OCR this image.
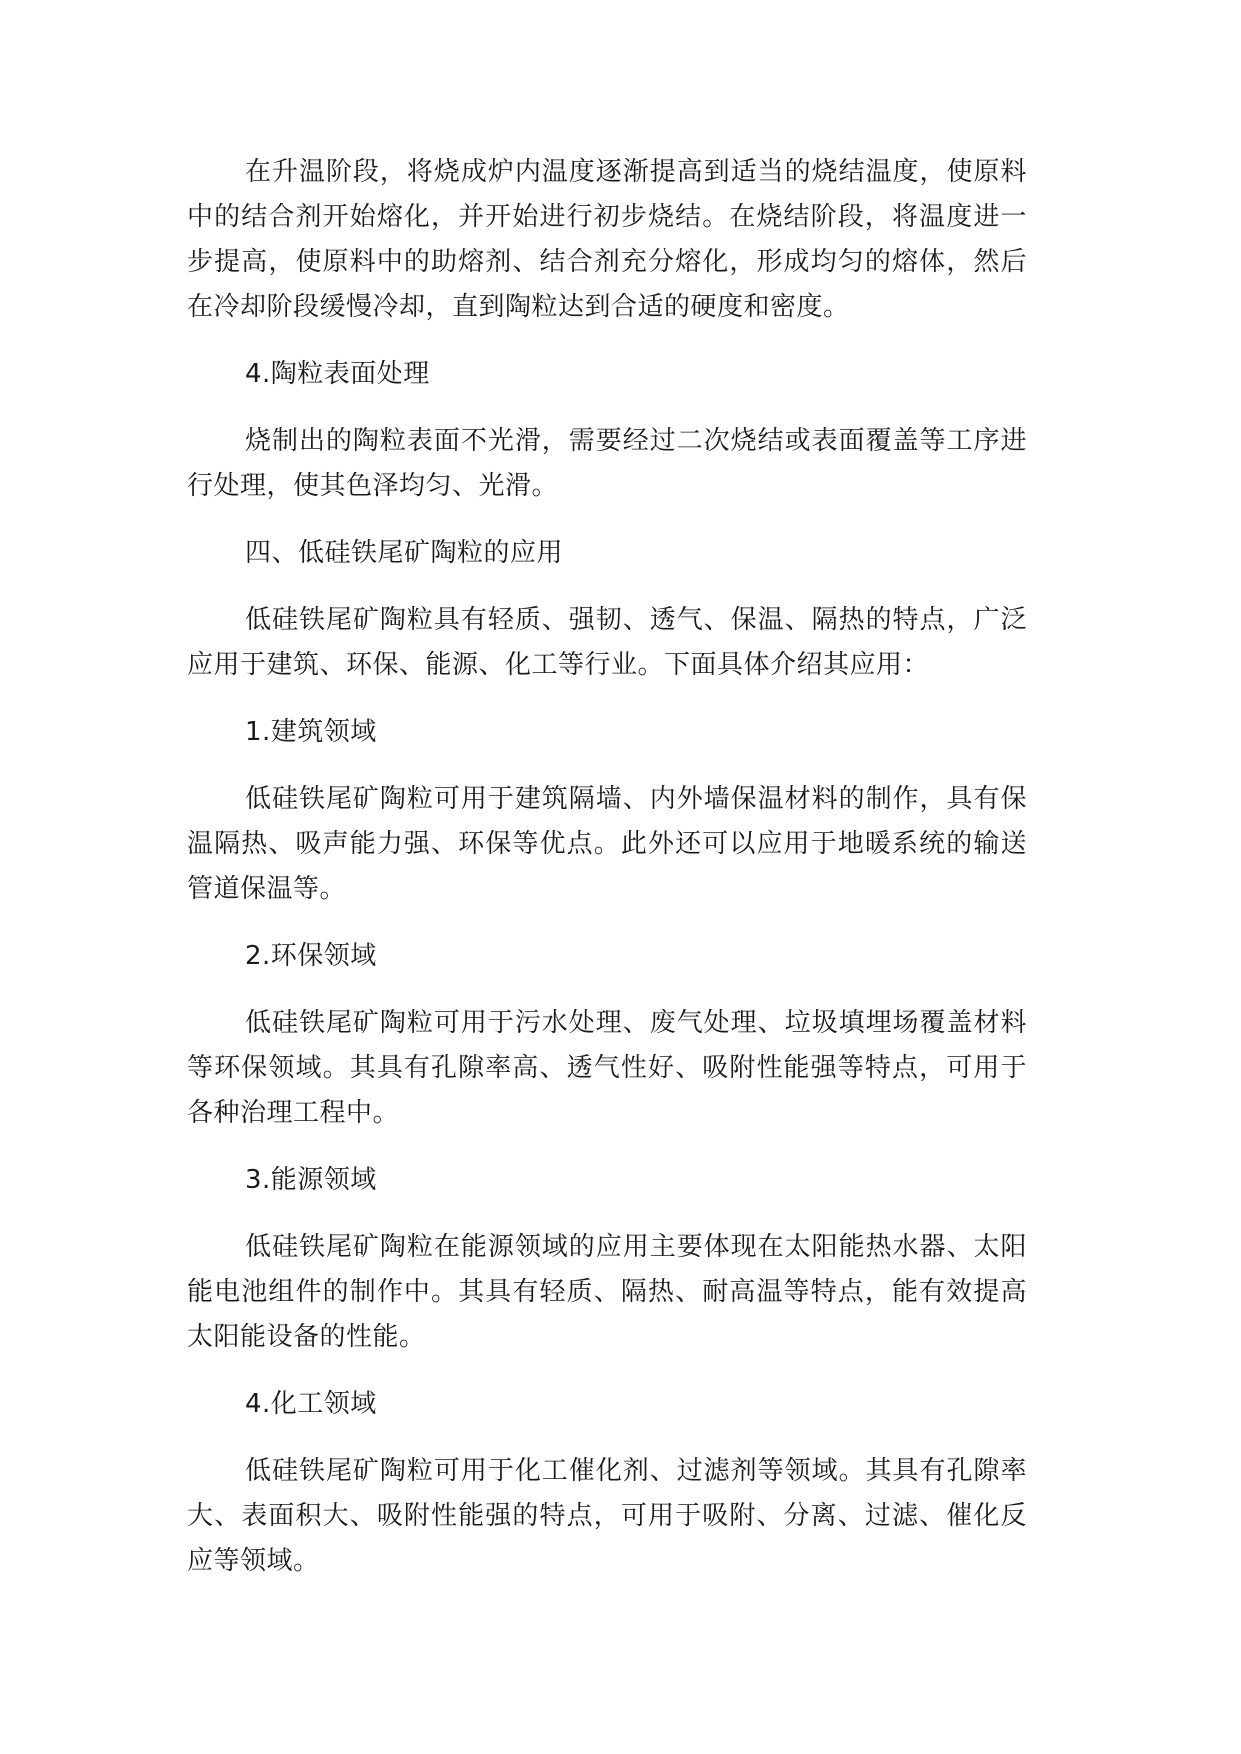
在升温阶段，将烧成炉内温度逐渐提高到适当的烧结温度，使原料中的结合剂开始熔化，并开始进行初步烧结。在烧结阶段，将温度进一步提高，使原料中的助熔剂、结合剂充分熔化，形成均匀的熔体，然后在冷却阶段缓慢冷却，直到陶粒达到合适的硬度和密度。

4.陶粒表面处理

烧制出的陶粒表面不光滑，需要经过二次烧结或表面覆盖等工序进行处理，使其色泽均匀、光滑。

四、低硅铁尾矿陶粒的应用

低硅铁尾矿陶粒具有轻质、强韧、透气、保温、隔热的特点，广泛应用于建筑、环保、能源、化工等行业。下面具体介绍其应用：

1.建筑领域

低硅铁尾矿陶粒可用于建筑隔墙、内外墙保温材料的制作，具有保温隔热、吸声能力强、环保等优点。此外还可以应用于地暖系统的输送管道保温等。

2.环保领域

低硅铁尾矿陶粒可用于污水处理、废气处理、垃圾填埋场覆盖材料等环保领域。其具有孔隙率高、透气性好、吸附性能强等特点，可用于各种治理工程中。

3.能源领域

低硅铁尾矿陶粒在能源领域的应用主要体现在太阳能热水器、太阳能电池组件的制作中。其具有轻质、隔热、耐高温等特点，能有效提高太阳能设备的性能。

4.化工领域

低硅铁尾矿陶粒可用于化工催化剂、过滤剂等领域。其具有孔隙率大、表面积大、吸附性能强的特点，可用于吸附、分离、过滤、催化反应等领域。
